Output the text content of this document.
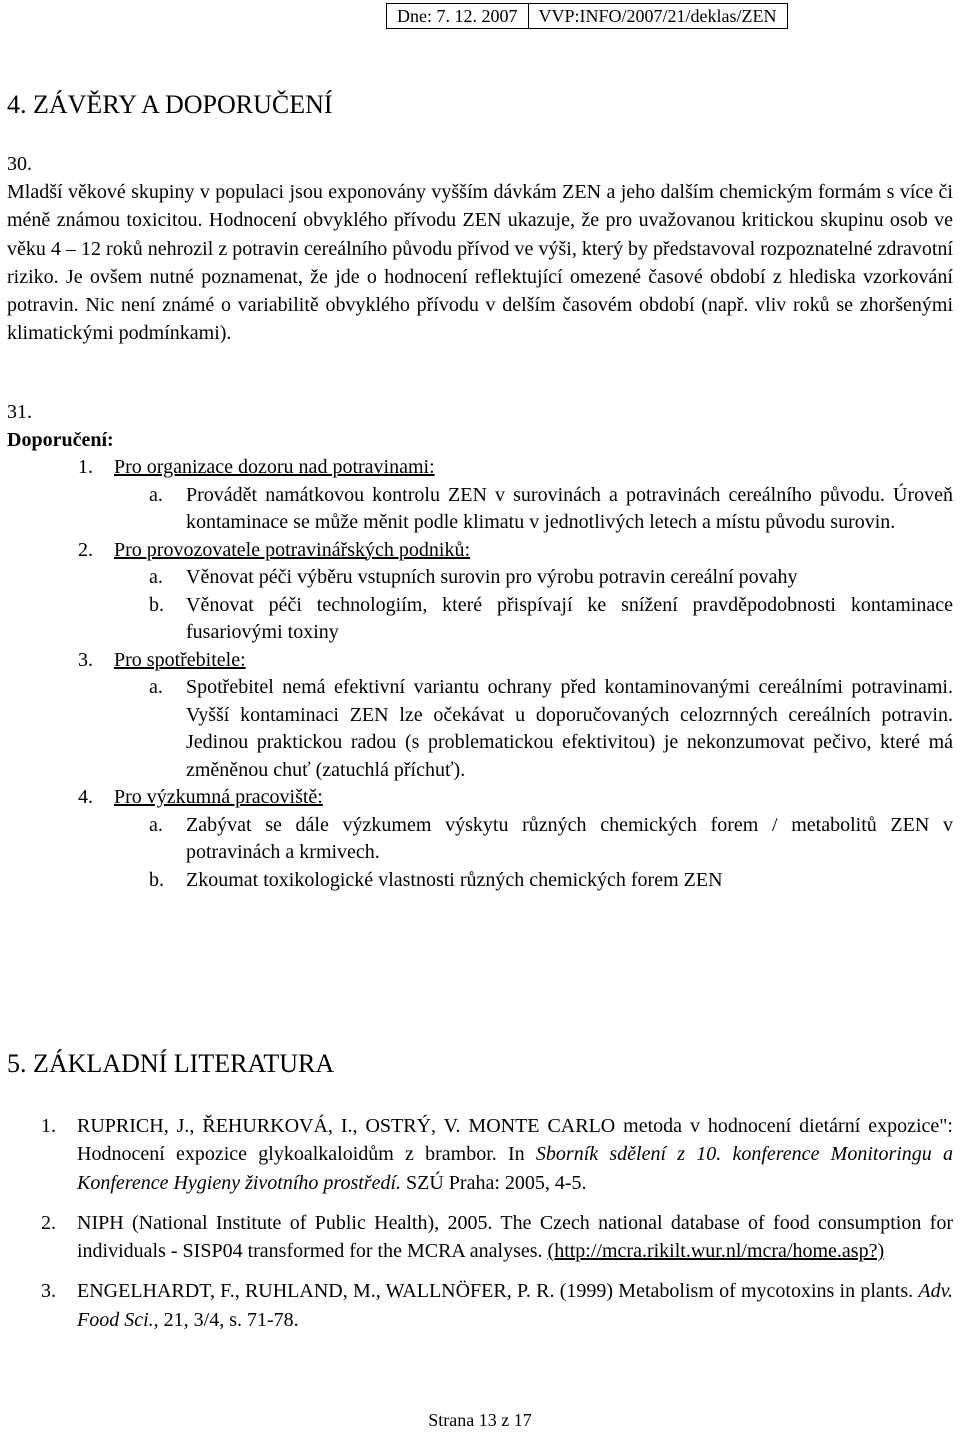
Dne: 7. 12. 2007	VVP:INFO/2007/21/deklas/ZEN
4. ZÁVĚRY A DOPORUČENÍ
30.

Mladší věkové skupiny v populaci jsou exponovány vyšším dávkám ZEN a jeho dalším chemickým formám s více či méně známou toxicitou. Hodnocení obvyklého přívodu ZEN ukazuje, že pro uvažovanou kritickou skupinu osob ve věku 4 – 12 roků nehrozil z potravin cereálního původu přívod ve výši, který by představoval rozpoznatelné zdravotní riziko. Je ovšem nutné poznamenat, že jde o hodnocení reflektující omezené časové období z hlediska vzorkování potravin. Nic není známé o variabilitě obvyklého přívodu v delším časovém období (např. vliv roků se zhoršenými klimatickými podmínkami).

31.

Doporučení:

1. Pro organizace dozoru nad potravinami:
a. Provádět namátkovou kontrolu ZEN v surovinách a potravinách cereálního původu. Úroveň kontaminace se může měnit podle klimatu v jednotlivých letech a místu původu surovin.
2. Pro provozovatele potravinářských podniků:
a. Věnovat péči výběru vstupních surovin pro výrobu potravin cereální povahy
b. Věnovat péči technologiím, které přispívají ke snížení pravděpodobnosti kontaminace fusariovými toxiny
3. Pro spotřebitele:
a. Spotřebitel nemá efektivní variantu ochrany před kontaminovanými cereálními potravinami. Vyšší kontaminaci ZEN lze očekávat u doporučovaných celozrnných cereálních potravin. Jedinou praktickou radou (s problematickou efektivitou) je nekonzumovat pečivo, které má změněnou chuť (zatuchlá příchuť).
4. Pro výzkumná pracoviště:
a. Zabývat se dále výzkumem výskytu různých chemických forem / metabolitů ZEN v potravinách a krmivech.
b. Zkoumat toxikologické vlastnosti různých chemických forem ZEN
5. ZÁKLADNÍ LITERATURA
1. RUPRICH, J., ŘEHURKOVÁ, I., OSTRÝ, V. MONTE CARLO metoda v hodnocení dietární expozice": Hodnocení expozice glykoalkaloidům z brambor. In Sborník sdělení z 10. konference Monitoringu a Konference Hygieny životního prostředí. SZÚ Praha: 2005, 4-5.
2. NIPH (National Institute of Public Health), 2005. The Czech national database of food consumption for individuals - SISP04 transformed for the MCRA analyses. (http://mcra.rikilt.wur.nl/mcra/home.asp?)
3. ENGELHARDT, F., RUHLAND, M., WALLNÖFER, P. R. (1999) Metabolism of mycotoxins in plants. Adv. Food Sci., 21, 3/4, s. 71-78.
Strana 13 z 17
